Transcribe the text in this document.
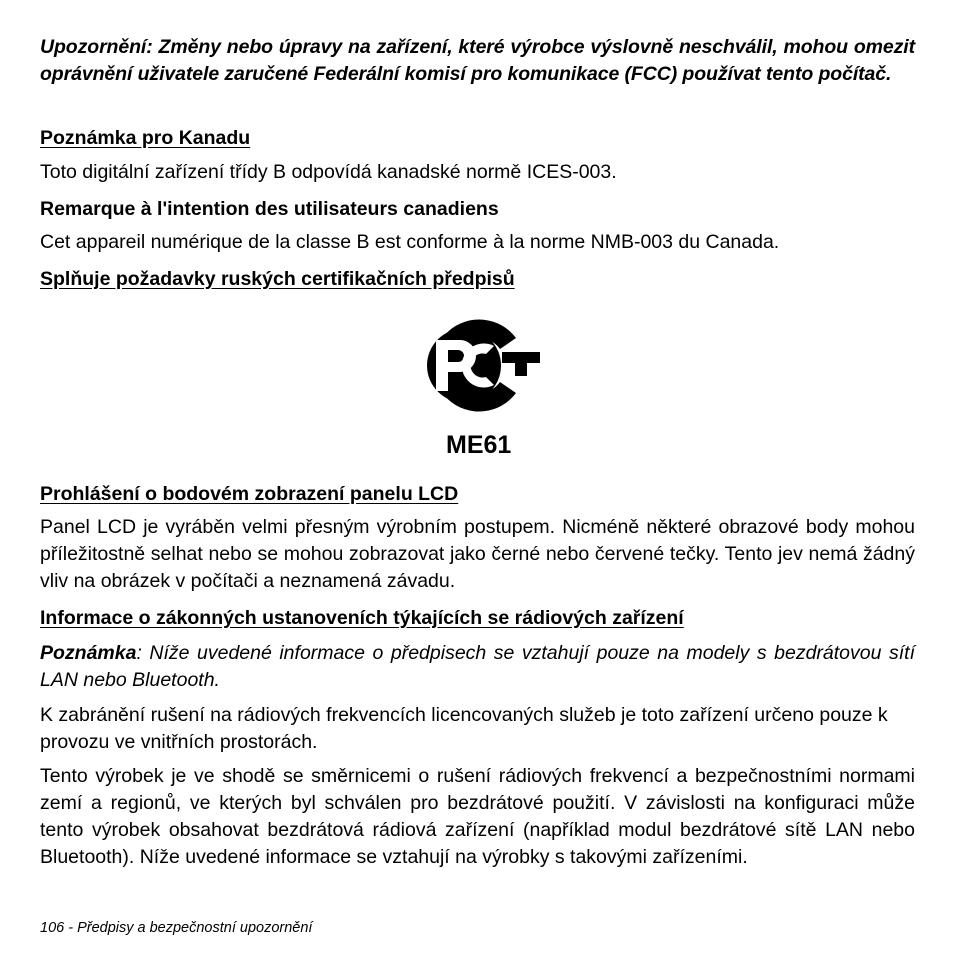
Upozornění: Změny nebo úpravy na zařízení, které výrobce výslovně neschválil, mohou omezit oprávnění uživatele zaručené Federální komisí pro komunikace (FCC) používat tento počítač.

Poznámka pro Kanadu

Toto digitální zařízení třídy B odpovídá kanadské normě ICES-003.

Remarque à l'intention des utilisateurs canadiens

Cet appareil numérique de la classe B est conforme à la norme NMB-003 du Canada.

Splňuje požadavky ruských certifikačních předpisů
ME61
Prohlášení o bodovém zobrazení panelu LCD

Panel LCD je vyráběn velmi přesným výrobním postupem. Nicméně některé obrazové body mohou příležitostně selhat nebo se mohou zobrazovat jako černé nebo červené tečky. Tento jev nemá žádný vliv na obrázek v počítači a neznamená závadu.

Informace o zákonných ustanoveních týkajících se rádiových zařízení

Poznámka: Níže uvedené informace o předpisech se vztahují pouze na modely s bezdrátovou sítí LAN nebo Bluetooth.

K zabránění rušení na rádiových frekvencích licencovaných služeb je toto zařízení určeno pouze k provozu ve vnitřních prostorách.

Tento výrobek je ve shodě se směrnicemi o rušení rádiových frekvencí a bezpečnostními normami zemí a regionů, ve kterých byl schválen pro bezdrátové použití. V závislosti na konfiguraci může tento výrobek obsahovat bezdrátová rádiová zařízení (například modul bezdrátové sítě LAN nebo Bluetooth). Níže uvedené informace se vztahují na výrobky s takovými zařízeními.

106 - Předpisy a bezpečnostní upozornění
